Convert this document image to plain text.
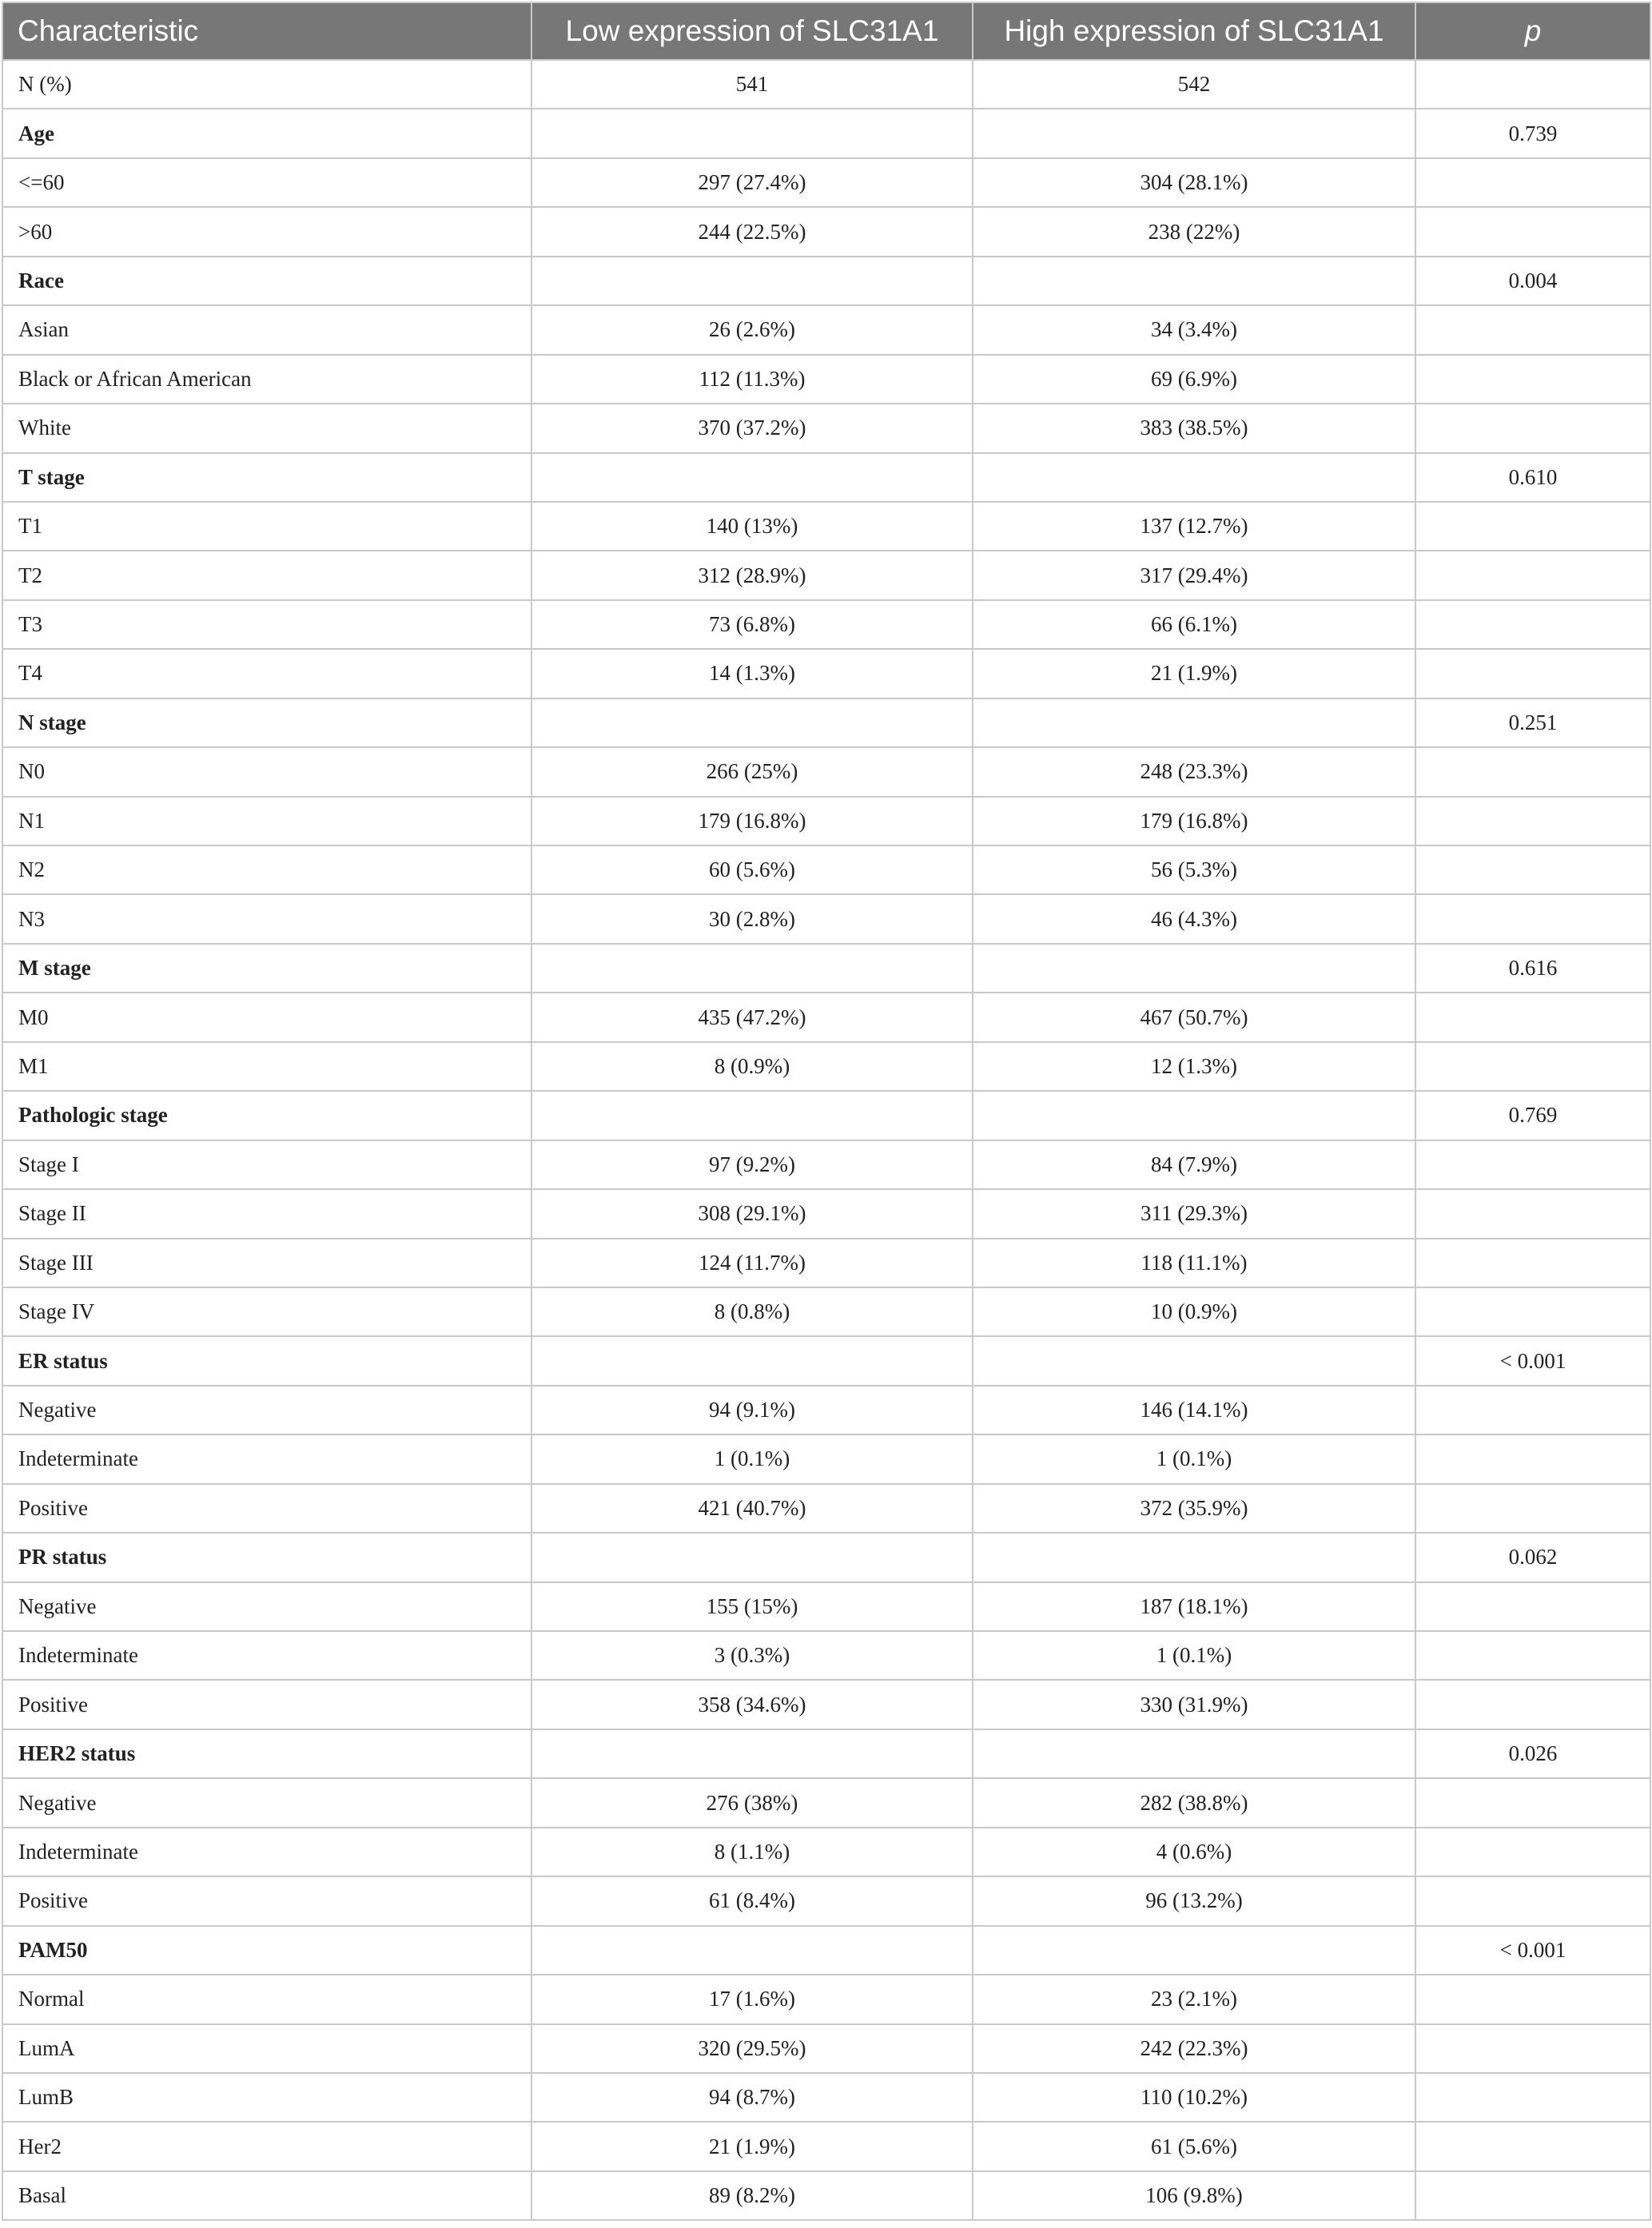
Characteristic	Low expression of SLC31A1	High expression of SLC31A1	p
N (%)	541	542	
Age			0.739
<=60	297 (27.4%)	304 (28.1%)	
>60	244 (22.5%)	238 (22%)	
Race			0.004
Asian	26 (2.6%)	34 (3.4%)	
Black or African American	112 (11.3%)	69 (6.9%)	
White	370 (37.2%)	383 (38.5%)	
T stage			0.610
T1	140 (13%)	137 (12.7%)	
T2	312 (28.9%)	317 (29.4%)	
T3	73 (6.8%)	66 (6.1%)	
T4	14 (1.3%)	21 (1.9%)	
N stage			0.251
N0	266 (25%)	248 (23.3%)	
N1	179 (16.8%)	179 (16.8%)	
N2	60 (5.6%)	56 (5.3%)	
N3	30 (2.8%)	46 (4.3%)	
M stage			0.616
M0	435 (47.2%)	467 (50.7%)	
M1	8 (0.9%)	12 (1.3%)	
Pathologic stage			0.769
Stage I	97 (9.2%)	84 (7.9%)	
Stage II	308 (29.1%)	311 (29.3%)	
Stage III	124 (11.7%)	118 (11.1%)	
Stage IV	8 (0.8%)	10 (0.9%)	
ER status			< 0.001
Negative	94 (9.1%)	146 (14.1%)	
Indeterminate	1 (0.1%)	1 (0.1%)	
Positive	421 (40.7%)	372 (35.9%)	
PR status			0.062
Negative	155 (15%)	187 (18.1%)	
Indeterminate	3 (0.3%)	1 (0.1%)	
Positive	358 (34.6%)	330 (31.9%)	
HER2 status			0.026
Negative	276 (38%)	282 (38.8%)	
Indeterminate	8 (1.1%)	4 (0.6%)	
Positive	61 (8.4%)	96 (13.2%)	
PAM50			< 0.001
Normal	17 (1.6%)	23 (2.1%)	
LumA	320 (29.5%)	242 (22.3%)	
LumB	94 (8.7%)	110 (10.2%)	
Her2	21 (1.9%)	61 (5.6%)	
Basal	89 (8.2%)	106 (9.8%)	
